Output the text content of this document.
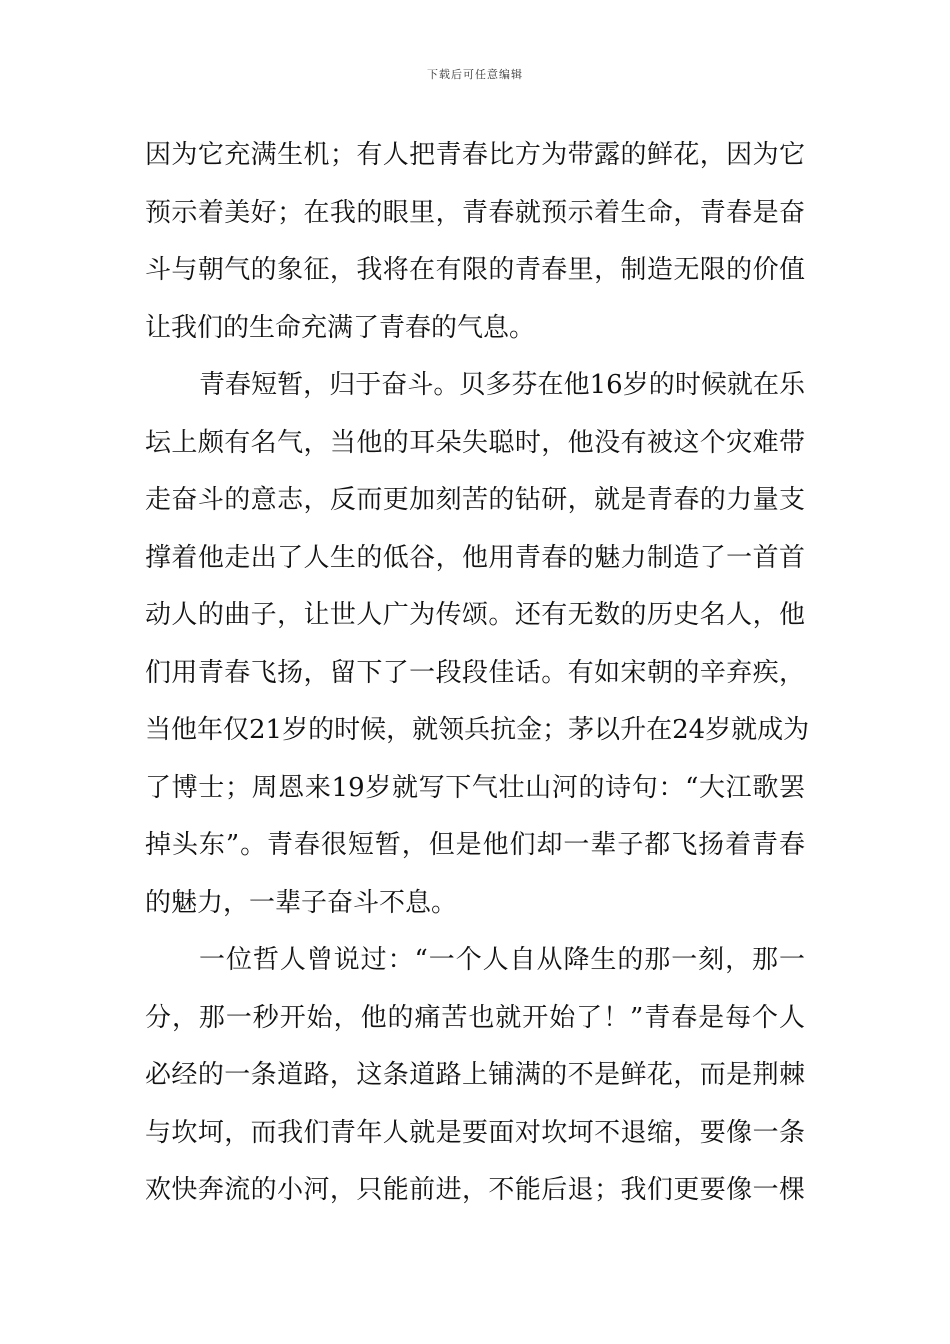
下载后可任意编辑
因为它充满生机；有人把青春比方为带露的鲜花，因为它
预示着美好；在我的眼里，青春就预示着生命，青春是奋
斗与朝气的象征，我将在有限的青春里，制造无限的价值
让我们的生命充满了青春的气息。
青春短暂，归于奋斗。贝多芬在他16岁的时候就在乐
坛上颇有名气，当他的耳朵失聪时，他没有被这个灾难带
走奋斗的意志，反而更加刻苦的钻研，就是青春的力量支
撑着他走出了人生的低谷，他用青春的魅力制造了一首首
动人的曲子，让世人广为传颂。还有无数的历史名人，他
们用青春飞扬，留下了一段段佳话。有如宋朝的辛弃疾，
当他年仅21岁的时候，就领兵抗金；茅以升在24岁就成为
了博士；周恩来19岁就写下气壮山河的诗句：“大江歌罢
掉头东”。青春很短暂，但是他们却一辈子都飞扬着青春
的魅力，一辈子奋斗不息。
一位哲人曾说过：“一个人自从降生的那一刻，那一
分，那一秒开始，他的痛苦也就开始了！”青春是每个人
必经的一条道路，这条道路上铺满的不是鲜花，而是荆棘
与坎坷，而我们青年人就是要面对坎坷不退缩，要像一条
欢快奔流的小河，只能前进，不能后退；我们更要像一棵
